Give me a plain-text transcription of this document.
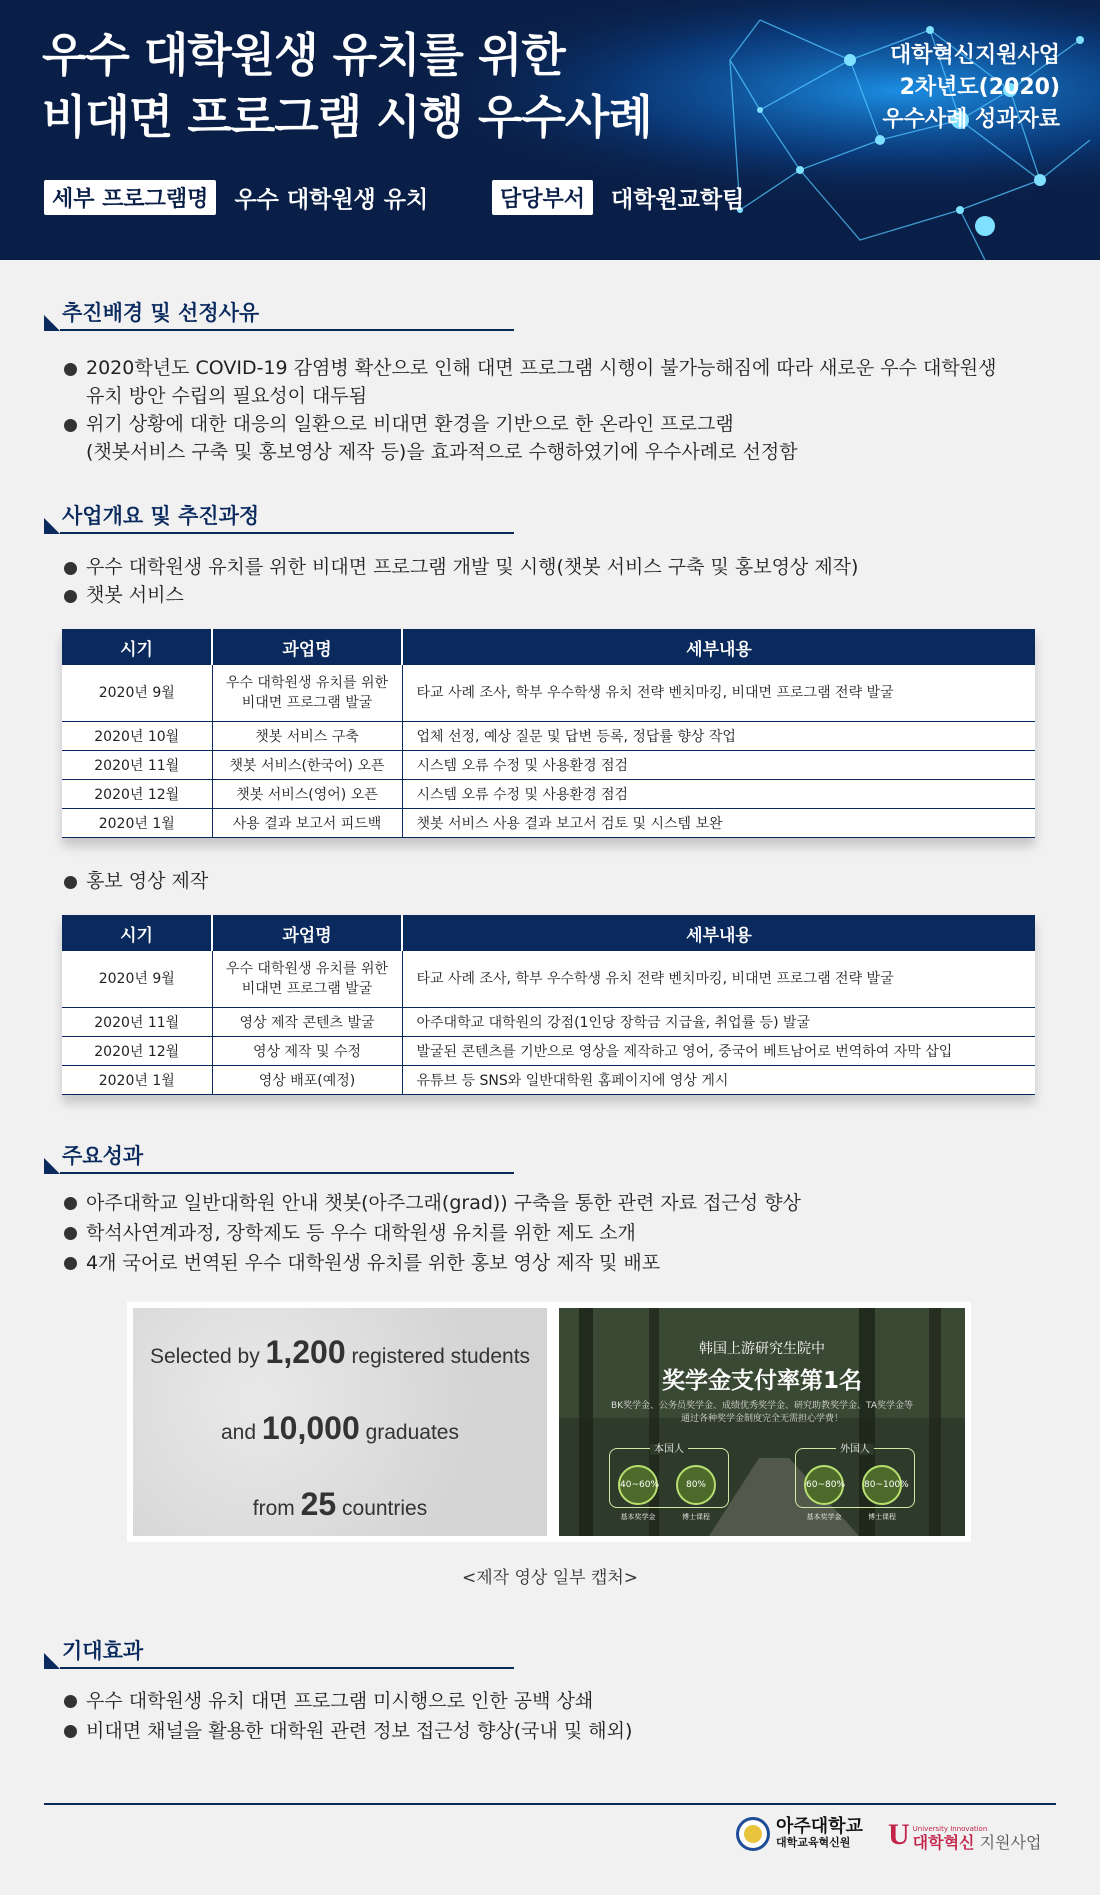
우수 대학원생 유치를 위한
비대면 프로그램 시행 우수사례
대학혁신지원사업
2차년도(2020)
우수사례 성과자료
세부 프로그램명	우수 대학원생 유치	담당부서	대학원교학팀
추진배경 및 선정사유
2020학년도 COVID-19 감염병 확산으로 인해 대면 프로그램 시행이 불가능해짐에 따라 새로운 우수 대학원생
유치 방안 수립의 필요성이 대두됨
위기 상황에 대한 대응의 일환으로 비대면 환경을 기반으로 한 온라인 프로그램
(챗봇서비스 구축 및 홍보영상 제작 등)을 효과적으로 수행하였기에 우수사례로 선정함
사업개요 및 추진과정
우수 대학원생 유치를 위한 비대면 프로그램 개발 및 시행(챗봇 서비스 구축 및 홍보영상 제작)
챗봇 서비스
시기	과업명	세부내용
2020년 9월	우수 대학원생 유치를 위한 비대면 프로그램 발굴	타교 사례 조사, 학부 우수학생 유치 전략 벤치마킹, 비대면 프로그램 전략 발굴
2020년 10월	챗봇 서비스 구축	업체 선정, 예상 질문 및 답변 등록, 정답률 향상 작업
2020년 11월	챗봇 서비스(한국어) 오픈	시스템 오류 수정 및 사용환경 점검
2020년 12월	챗봇 서비스(영어) 오픈	시스템 오류 수정 및 사용환경 점검
2020년 1월	사용 결과 보고서 피드백	챗봇 서비스 사용 결과 보고서 검토 및 시스템 보완
홍보 영상 제작
시기	과업명	세부내용
2020년 9월	우수 대학원생 유치를 위한 비대면 프로그램 발굴	타교 사례 조사, 학부 우수학생 유치 전략 벤치마킹, 비대면 프로그램 전략 발굴
2020년 11월	영상 제작 콘텐츠 발굴	아주대학교 대학원의 강점(1인당 장학금 지급율, 취업률 등) 발굴
2020년 12월	영상 제작 및 수정	발굴된 콘텐츠를 기반으로 영상을 제작하고 영어, 중국어 베트남어로 번역하여 자막 삽입
2020년 1월	영상 배포(예정)	유튜브 등 SNS와 일반대학원 홈페이지에 영상 게시
주요성과
아주대학교 일반대학원 안내 챗봇(아주그래(grad)) 구축을 통한 관련 자료 접근성 향상
학석사연계과정, 장학제도 등 우수 대학원생 유치를 위한 제도 소개
4개 국어로 번역된 우수 대학원생 유치를 위한 홍보 영상 제작 및 배포
Selected by 1,200 registered students
and 10,000 graduates
from 25 countries
韩国上游研究生院中
奖学金支付率第1名
BK奖学金、公务员奖学金、成绩优秀奖学金、研究助教奖学金、TA奖学金等
通过各种奖学金制度完全无需担心学费！
本国人
40~60%	80%
基本奖学金	博士课程
外国人
60~80% 80~100%
基本奖学金	博士课程
<제작 영상 일부 캡처>
기대효과
우수 대학원생 유치 대면 프로그램 미시행으로 인한 공백 상쇄
비대면 채널을 활용한 대학원 관련 정보 접근성 향상(국내 및 해외)
아주대학교
대학교육혁신원	U University Innovation
대학혁신 지원사업
